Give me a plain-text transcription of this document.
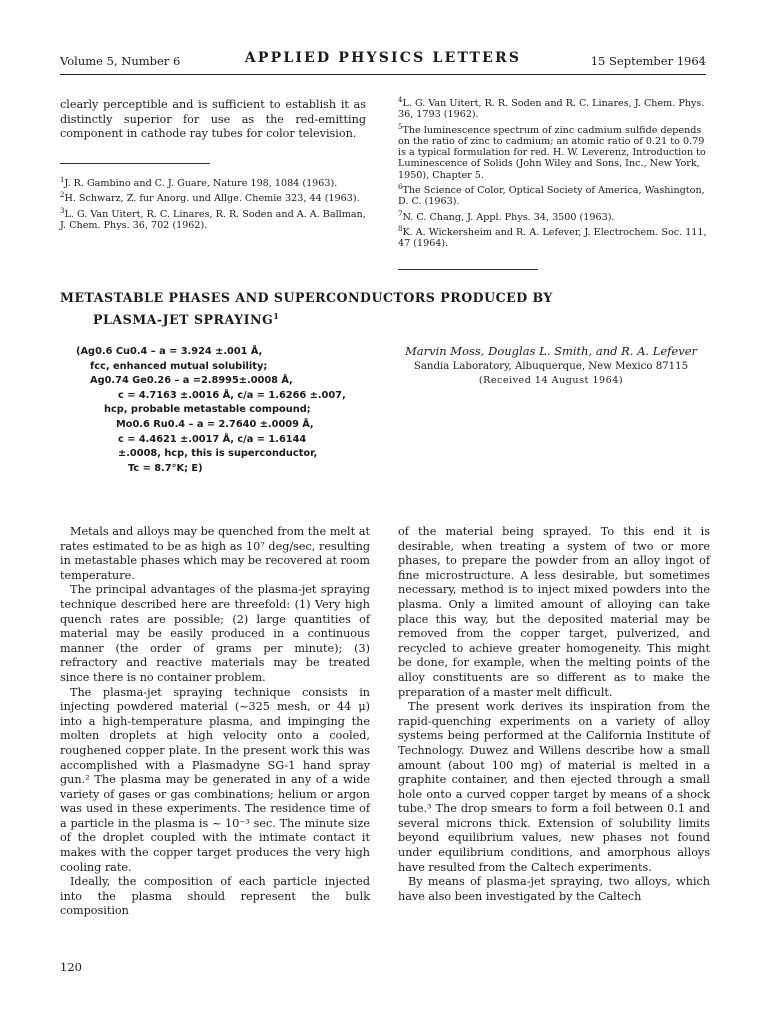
Volume 5, Number 6	APPLIED PHYSICS LETTERS	15 September 1964

clearly perceptible and is sufficient to establish it as distinctly superior for use as the red-emitting component in cathode ray tubes for color television.

$^1$J. R. Gambino and C. J. Guare, Nature 198, 1084 (1963).
$^2$H. Schwarz, Z. fur Anorg. und Allge. Chemie 323, 44 (1963).
$^3$L. G. Van Uitert, R. C. Linares, R. R. Soden and A. A. Ballman, J. Chem. Phys. 36, 702 (1962).
$^4$L. G. Van Uitert, R. R. Soden and R. C. Linares, J. Chem. Phys. 36, 1793 (1962).
$^5$The luminescence spectrum of zinc cadmium sulfide depends on the ratio of zinc to cadmium; an atomic ratio of 0.21 to 0.79 is a typical formulation for red. H. W. Leverenz, Introduction to Luminescence of Solids (John Wiley and Sons, Inc., New York, 1950), Chapter 5.
$^6$The Science of Color, Optical Society of America, Washington, D. C. (1963).
$^7$N. C. Chang, J. Appl. Phys. 34, 3500 (1963).
$^8$K. A. Wickersheim and R. A. Lefever, J. Electrochem. Soc. 111, 47 (1964).
METASTABLE PHASES AND SUPERCONDUCTORS PRODUCED BY
PLASMA-JET SPRAYING$^1$
(Ag0.6 Cu0.4 – a = 3.924 ±.001 Å,
fcc, enhanced mutual solubility;
Ag0.74 Ge0.26 – a =2.8995±.0008 Å,
c = 4.7163 ±.0016 Å, c/a = 1.6266 ±.007,
hcp, probable metastable compound;
Mo0.6 Ru0.4 – a = 2.7640 ±.0009 Å,
c = 4.4621 ±.0017 Å, c/a = 1.6144
±.0008, hcp, this is superconductor,
Tc = 8.7°K; E)
Marvin Moss, Douglas L. Smith, and R. A. Lefever
Sandia Laboratory, Albuquerque, New Mexico 87115
(Received 14 August 1964)

Metals and alloys may be quenched from the melt at rates estimated to be as high as 10⁷ deg/sec, resulting in metastable phases which may be recovered at room temperature.

The principal advantages of the plasma-jet spraying technique described here are threefold: (1) Very high quench rates are possible; (2) large quantities of material may be easily produced in a continuous manner (the order of grams per minute); (3) refractory and reactive materials may be treated since there is no container problem.

The plasma-jet spraying technique consists in injecting powdered material (~325 mesh, or 44 μ) into a high-temperature plasma, and impinging the molten droplets at high velocity onto a cooled, roughened copper plate. In the present work this was accomplished with a Plasmadyne SG-1 hand spray gun.² The plasma may be generated in any of a wide variety of gases or gas combinations; helium or argon was used in these experiments. The residence time of a particle in the plasma is ~ 10⁻³ sec. The minute size of the droplet coupled with the intimate contact it makes with the copper target produces the very high cooling rate.

Ideally, the composition of each particle injected into the plasma should represent the bulk composition

of the material being sprayed. To this end it is desirable, when treating a system of two or more phases, to prepare the powder from an alloy ingot of fine microstructure. A less desirable, but sometimes necessary, method is to inject mixed powders into the plasma. Only a limited amount of alloying can take place this way, but the deposited material may be removed from the copper target, pulverized, and recycled to achieve greater homogeneity. This might be done, for example, when the melting points of the alloy constituents are so different as to make the preparation of a master melt difficult.

The present work derives its inspiration from the rapid-quenching experiments on a variety of alloy systems being performed at the California Institute of Technology. Duwez and Willens describe how a small amount (about 100 mg) of material is melted in a graphite container, and then ejected through a small hole onto a curved copper target by means of a shock tube.³ The drop smears to form a foil between 0.1 and several microns thick. Extension of solubility limits beyond equilibrium values, new phases not found under equilibrium conditions, and amorphous alloys have resulted from the Caltech experiments.

By means of plasma-jet spraying, two alloys, which have also been investigated by the Caltech

120
